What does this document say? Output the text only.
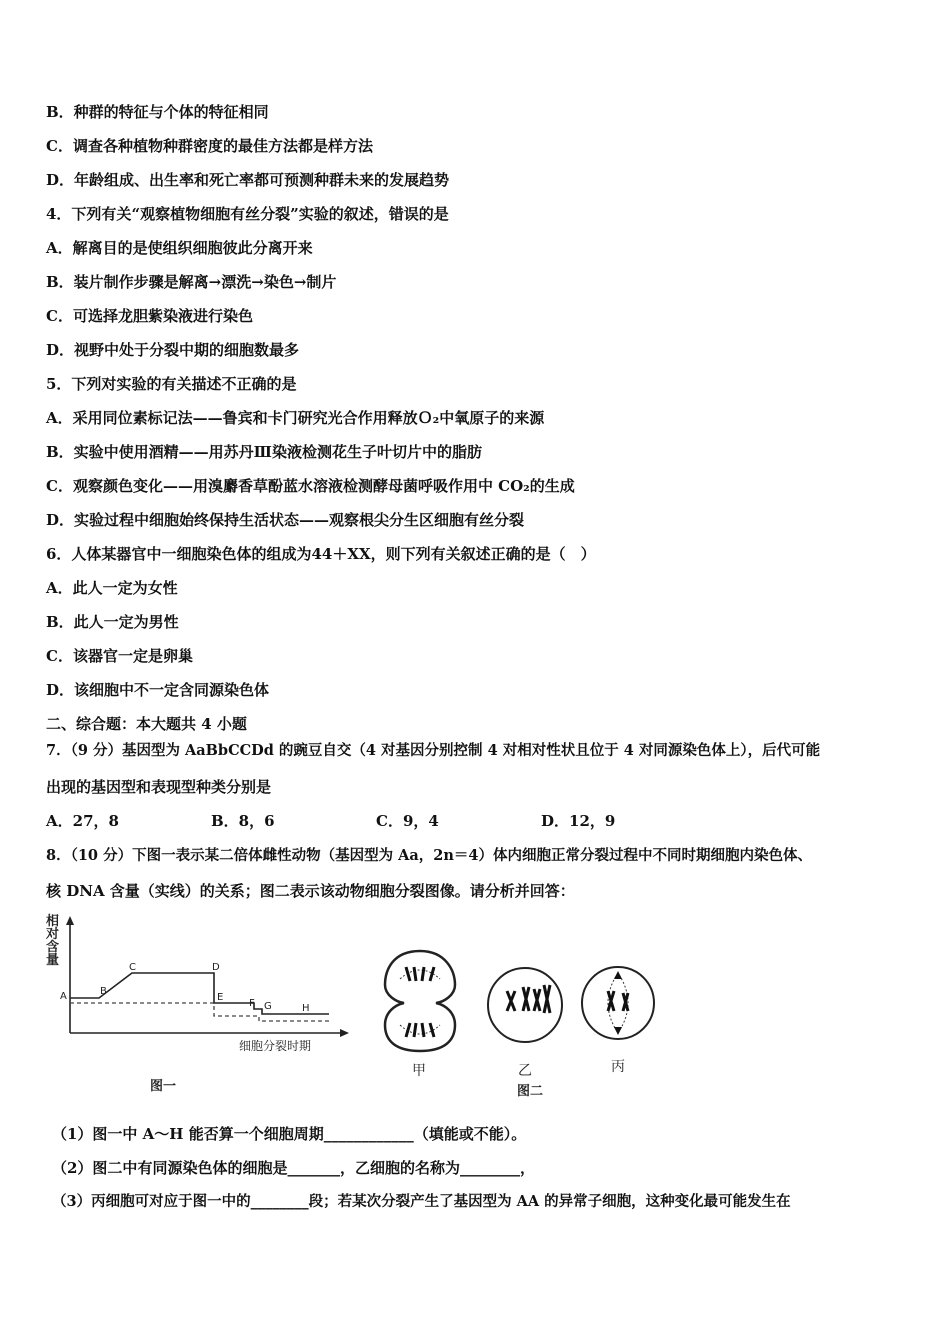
B．种群的特征与个体的特征相同
C．调查各种植物种群密度的最佳方法都是样方法
D．年龄组成、出生率和死亡率都可预测种群未来的发展趋势
4．下列有关“观察植物细胞有丝分裂”实验的叙述，错误的是
A．解离目的是使组织细胞彼此分离开来
B．装片制作步骤是解离→漂洗→染色→制片
C．可选择龙胆紫染液进行染色
D．视野中处于分裂中期的细胞数最多
5．下列对实验的有关描述不正确的是
A．采用同位素标记法——鲁宾和卡门研究光合作用释放Ｏ₂中氧原子的来源
B．实验中使用酒精——用苏丹Ⅲ染液检测花生子叶切片中的脂肪
C．观察颜色变化——用溴麝香草酚蓝水溶液检测酵母菌呼吸作用中 CO₂的生成
D．实验过程中细胞始终保持生活状态——观察根尖分生区细胞有丝分裂
6．人体某器官中一细胞染色体的组成为44＋XX，则下列有关叙述正确的是（　）
A．此人一定为女性
B．此人一定为男性
C．该器官一定是卵巢
D．该细胞中不一定含同源染色体
二、综合题：本大题共 4 小题
7．（9 分）基因型为 AaBbCCDd 的豌豆自交（4 对基因分别控制 4 对相对性状且位于 4 对同源染色体上），后代可能
出现的基因型和表现型种类分别是
A．27，8	B．8，6	C．9，4	D．12，9
8．（10 分）下图一表示某二倍体雌性动物（基因型为 Aa，2n＝4）体内细胞正常分裂过程中不同时期细胞内染色体、
核 DNA 含量（实线）的关系；图二表示该动物细胞分裂图像。请分析并回答：
相
对
含
量
A	B
C	D
E
F G	H
细胞分裂时期
图一
甲	乙	丙
图二
（1）图一中 A～H 能否算一个细胞周期____________（填能或不能）。
（2）图二中有同源染色体的细胞是_______，乙细胞的名称为________，
（3）丙细胞可对应于图一中的________段；若某次分裂产生了基因型为 AA 的异常子细胞，这种变化最可能发生在
